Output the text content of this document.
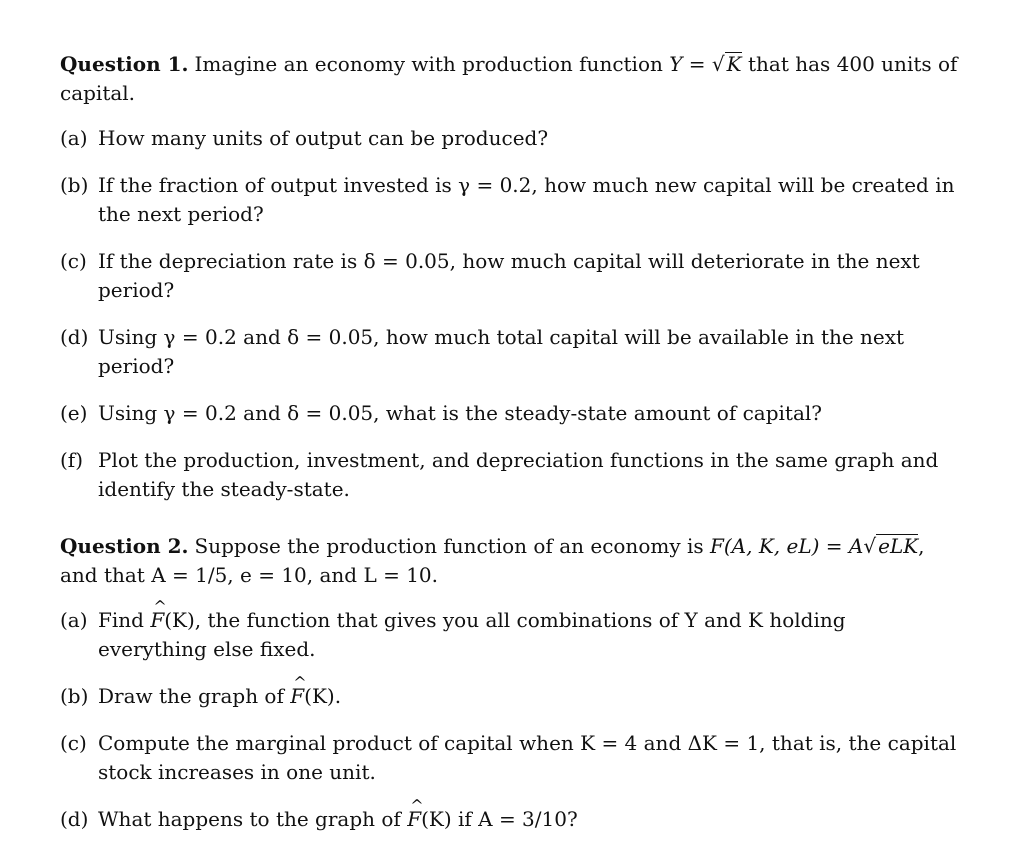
Question 1. Imagine an economy with production function Y = √ K that has 400 units of

capital.

(a) How many units of output can be produced?
(b) If the fraction of output invested is γ = 0.2, how much new capital will be created in the next period?
(c) If the depreciation rate is δ = 0.05, how much capital will deteriorate in the next period?
(d) Using γ = 0.2 and δ = 0.05, how much total capital will be available in the next period?
(e) Using γ = 0.2 and δ = 0.05, what is the steady-state amount of capital?
(f) Plot the production, investment, and depreciation functions in the same graph and identify the steady-state.

Question 2. Suppose the production function of an economy is F(A, K, eL) = A√ eLK,

and that A = 1/5, e = 10, and L = 10.

(a) Find ^ F(K), the function that gives you all combinations of Y and K holding everything else fixed.
(b) Draw the graph of ^ F(K).
(c) Compute the marginal product of capital when K = 4 and ΔK = 1, that is, the capital stock increases in one unit.
(d) What happens to the graph of ^ F(K) if A = 3/10?
